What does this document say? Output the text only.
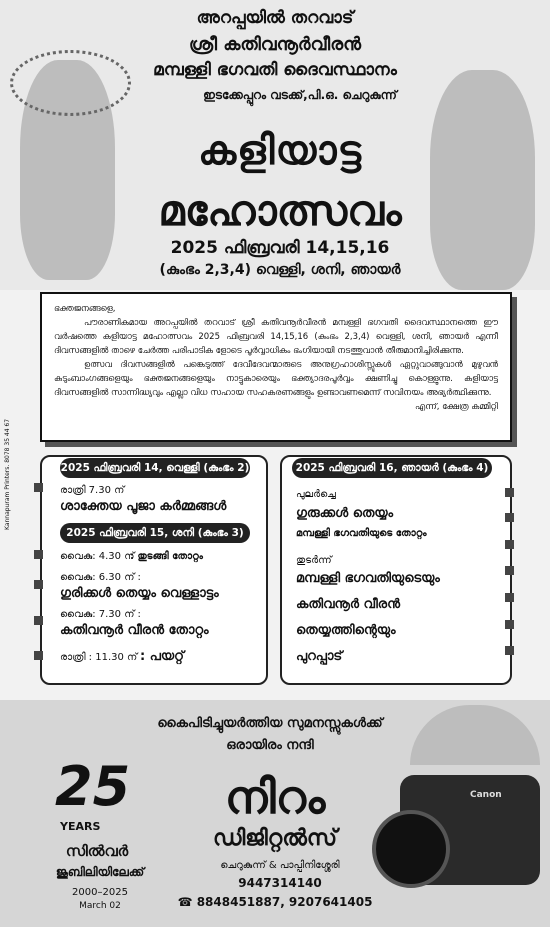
അറപ്പയിൽ തറവാട്
ശ്രീ കതിവനൂർവീരൻ
മമ്പള്ളി ഭഗവതി ദൈവസ്ഥാനം
ഇടക്കേപ്പുറം വടക്ക്,പി.ഒ. ചെറുകുന്ന്
കളിയാട്ട
മഹോത്സവം
2025 ഫിബ്രവരി 14,15,16
(കുംഭം 2,3,4) വെള്ളി, ശനി, ഞായർ

ഭക്തജനങ്ങളെ,

പൗരാണികമായ അറപ്പയിൽ തറവാട് ശ്രീ കതിവനൂർവീരൻ മമ്പള്ളി ഭഗവതി ദൈവസ്ഥാനത്തെ ഈ വർഷത്തെ കളിയാട്ട മഹോത്സവം 2025 ഫിബ്രവരി 14,15,16 (കുംഭം 2,3,4) വെള്ളി, ശനി, ഞായർ എന്നീ ദിവസങ്ങളിൽ താഴെ ചേർത്ത പരിപാടിക ളോടെ പൂർവ്വാധികം ഭംഗിയായി നടത്തുവാൻ തീരുമാനിച്ചിരിക്കുന്നു.

ഉത്സവ ദിവസങ്ങളിൽ പങ്കെടുത്ത് ദേവീദേവന്മാരുടെ അനുഗ്രഹാശിസ്സുകൾ ഏറ്റുവാങ്ങുവാൻ മുഴുവൻ കുടുംബാംഗങ്ങളെയും ഭക്തജനങ്ങളെയും നാട്ടുകാരെയും ഭക്ത്യാദരപൂർവ്വം ക്ഷണിച്ചു കൊള്ളുന്നു. കളിയാട്ട ദിവസങ്ങളിൽ സാന്നിദ്ധ്യവും എല്ലാ വിധ സഹായ സഹകരണങ്ങളും ഉണ്ടാവണമെന്ന് സവിനയം അഭ്യർത്ഥിക്കുന്നു.

എന്ന്, ക്ഷേത്ര കമ്മിറ്റി

Kannapuram Printers. 8078 35 44 67	2025 ഫിബ്രവരി 14, വെള്ളി (കുംഭം 2)
രാത്രി 7.30 ന്
ശാക്തേയ പൂജാ കർമ്മങ്ങൾ
2025 ഫിബ്രവരി 15, ശനി (കുംഭം 3)
വൈകു: 4.30 ന്
: തുടങ്ങി തോറ്റം
വൈകു: 6.30 ന് :
ഗുരിക്കൾ തെയ്യം വെള്ളാട്ടം
വൈകു: 7.30 ന് :
കതിവനൂർ വീരൻ തോറ്റം
രാത്രി : 11.30 ന് : പയറ്റ്
2025 ഫിബ്രവരി 16, ഞായർ (കുംഭം 4)
പുലർച്ചെ
ഗുരുക്കൾ തെയ്യം
മമ്പള്ളി ഭഗവതിയുടെ തോറ്റം
തുടർന്ന്
മമ്പള്ളി ഭഗവതിയുടെയും
കതിവനൂർ വീരൻ
തെയ്യത്തിന്റെയും
പുറപ്പാട്
Canon
കൈപിടിച്ചുയർത്തിയ സുമനസ്സുകൾക്ക്
ഒരായിരം നന്ദി
25
YEARS
സിൽവർ
ജൂബിലിയിലേക്ക്
2000–2025
March 02
നിറം
ഡിജിറ്റൽസ്
ചെറുകുന്ന് & പാപ്പിനിശ്ശേരി
9447314140
☎ 8848451887, 9207641405
